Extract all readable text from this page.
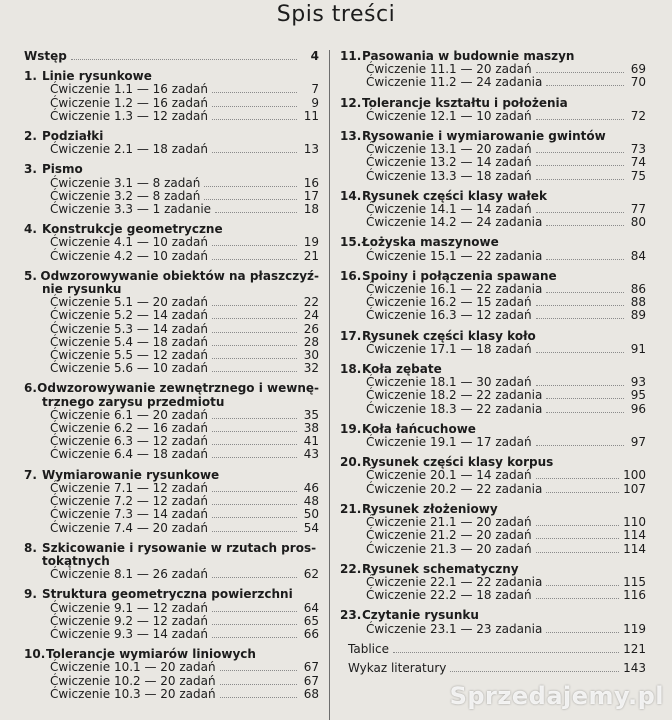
Spis treści
Wstęp	4
1. Linie rysunkowe
Ćwiczenie 1.1 — 16 zadań	7
Ćwiczenie 1.2 — 16 zadań	9
Ćwiczenie 1.3 — 12 zadań	11
2. Podziałki
Ćwiczenie 2.1 — 18 zadań	13
3. Pismo
Ćwiczenie 3.1 — 8 zadań	16
Ćwiczenie 3.2 — 8 zadań	17
Ćwiczenie 3.3 — 1 zadanie	18
4. Konstrukcje geometryczne
Ćwiczenie 4.1 — 10 zadań	19
Ćwiczenie 4.2 — 10 zadań	21
5. Odwzorowywanie obiektów na płaszczyź-
nie rysunku
Ćwiczenie 5.1 — 20 zadań	22
Ćwiczenie 5.2 — 14 zadań	24
Ćwiczenie 5.3 — 14 zadań	26
Ćwiczenie 5.4 — 18 zadań	28
Ćwiczenie 5.5 — 12 zadań	30
Ćwiczenie 5.6 — 10 zadań	32
6. Odwzorowywanie zewnętrznego i wewnę-
trznego zarysu przedmiotu
Ćwiczenie 6.1 — 20 zadań	35
Ćwiczenie 6.2 — 16 zadań	38
Ćwiczenie 6.3 — 12 zadań	41
Ćwiczenie 6.4 — 18 zadań	43
7. Wymiarowanie rysunkowe
Ćwiczenie 7.1 — 12 zadań	46
Ćwiczenie 7.2 — 12 zadań	48
Ćwiczenie 7.3 — 14 zadań	50
Ćwiczenie 7.4 — 20 zadań	54
8. Szkicowanie i rysowanie w rzutach pros-
tokątnych
Ćwiczenie 8.1 — 26 zadań	62
9. Struktura geometryczna powierzchni
Ćwiczenie 9.1 — 12 zadań	64
Ćwiczenie 9.2 — 12 zadań	65
Ćwiczenie 9.3 — 14 zadań	66
10. Tolerancje wymiarów liniowych
Ćwiczenie 10.1 — 20 zadań	67
Ćwiczenie 10.2 — 20 zadań	67
Ćwiczenie 10.3 — 20 zadań	68
11. Pasowania w budownie maszyn
Ćwiczenie 11.1 — 20 zadań	69
Ćwiczenie 11.2 — 24 zadania	70
12. Tolerancje kształtu i położenia
Ćwiczenie 12.1 — 10 zadań	72
13. Rysowanie i wymiarowanie gwintów
Ćwiczenie 13.1 — 20 zadań	73
Ćwiczenie 13.2 — 14 zadań	74
Ćwiczenie 13.3 — 18 zadań	75
14. Rysunek części klasy wałek
Ćwiczenie 14.1 — 14 zadań	77
Ćwiczenie 14.2 — 24 zadania	80
15. Łożyska maszynowe
Ćwiczenie 15.1 — 22 zadania	84
16. Spoiny i połączenia spawane
Ćwiczenie 16.1 — 22 zadania	86
Ćwiczenie 16.2 — 15 zadań	88
Ćwiczenie 16.3 — 12 zadań	89
17. Rysunek części klasy koło
Ćwiczenie 17.1 — 18 zadań	91
18. Koła zębate
Ćwiczenie 18.1 — 30 zadań	93
Ćwiczenie 18.2 — 22 zadania	95
Ćwiczenie 18.3 — 22 zadania	96
19. Koła łańcuchowe
Ćwiczenie 19.1 — 17 zadań	97
20. Rysunek części klasy korpus
Ćwiczenie 20.1 — 14 zadań	100
Ćwiczenie 20.2 — 22 zadania	107
21. Rysunek złożeniowy
Ćwiczenie 21.1 — 20 zadań	110
Ćwiczenie 21.2 — 20 zadań	114
Ćwiczenie 21.3 — 20 zadań	114
22. Rysunek schematyczny
Ćwiczenie 22.1 — 22 zadania	115
Ćwiczenie 22.2 — 18 zadań	116
23. Czytanie rysunku
Ćwiczenie 23.1 — 23 zadania	119
Tablice	121
Wykaz literatury	143
Sprzedajemy.pl
